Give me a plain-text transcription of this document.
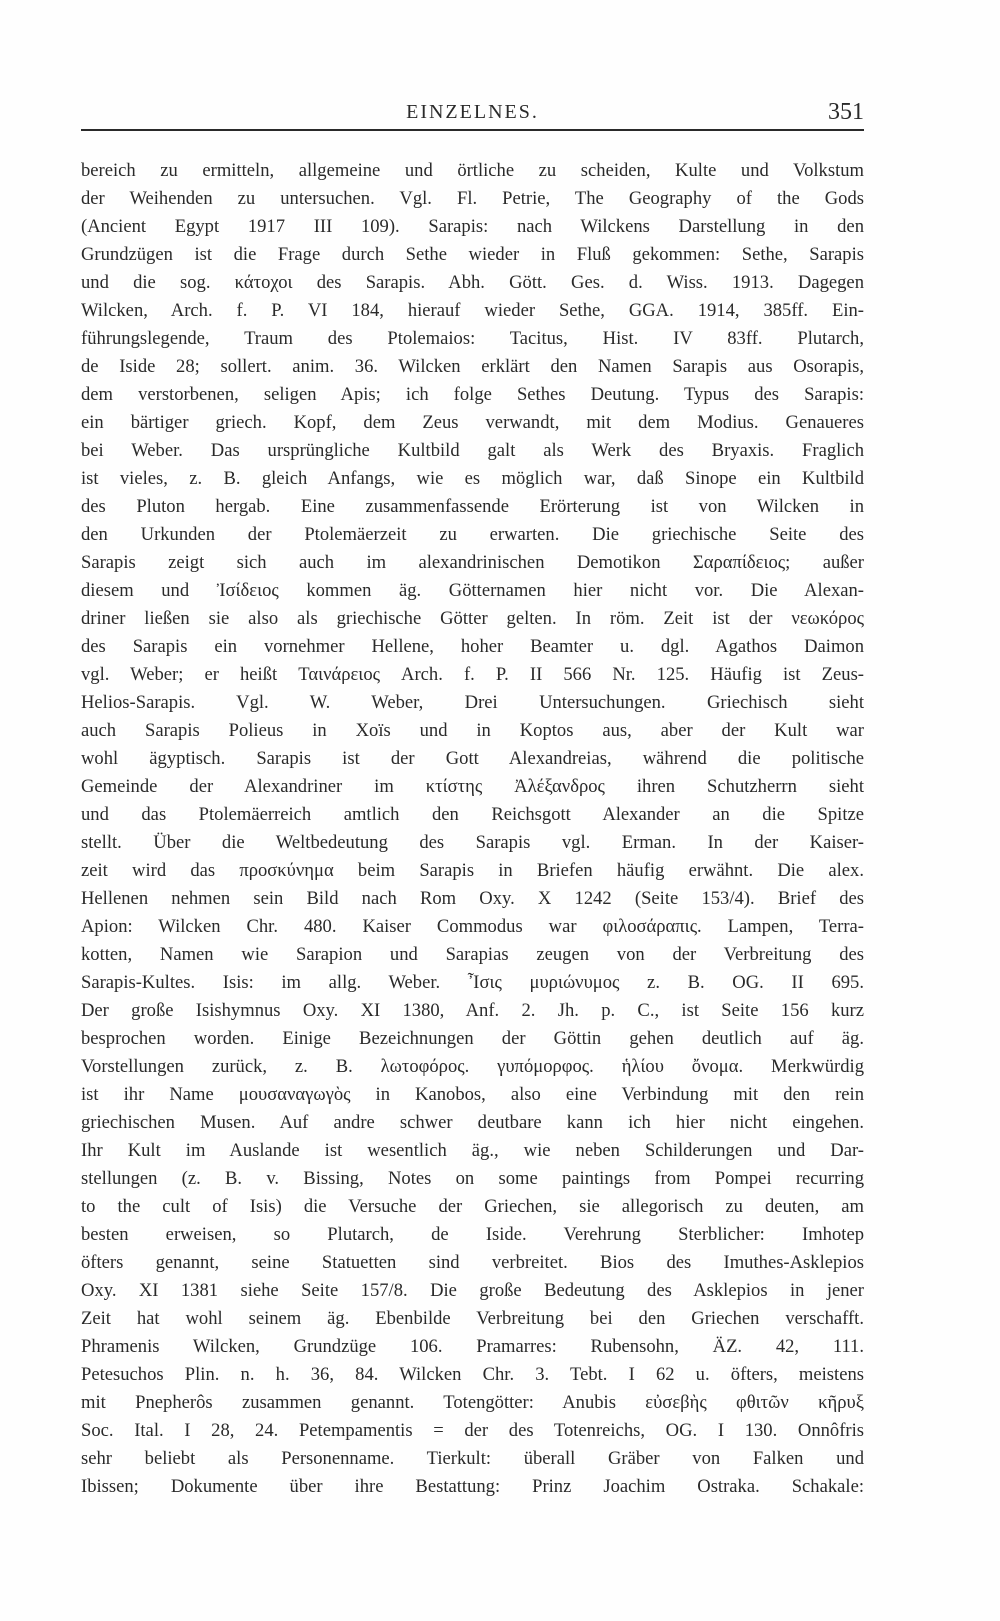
EINZELNES.	351
bereich zu ermitteln, allgemeine und örtliche zu scheiden, Kulte und Volkstum
der Weihenden zu untersuchen. Vgl. Fl. Petrie, The Geography of the Gods
(Ancient Egypt 1917 III 109). Sarapis: nach Wilckens Darstellung in den
Grundzügen ist die Frage durch Sethe wieder in Fluß gekommen: Sethe, Sarapis
und die sog. κάτοχοι des Sarapis. Abh. Gött. Ges. d. Wiss. 1913. Dagegen
Wilcken, Arch. f. P. VI 184, hierauf wieder Sethe, GGA. 1914, 385ff. Ein-
führungslegende, Traum des Ptolemaios: Tacitus, Hist. IV 83ff. Plutarch,
de Iside 28; sollert. anim. 36. Wilcken erklärt den Namen Sarapis aus Osorapis,
dem verstorbenen, seligen Apis; ich folge Sethes Deutung. Typus des Sarapis:
ein bärtiger griech. Kopf, dem Zeus verwandt, mit dem Modius. Genaueres
bei Weber. Das ursprüngliche Kultbild galt als Werk des Bryaxis. Fraglich
ist vieles, z. B. gleich Anfangs, wie es möglich war, daß Sinope ein Kultbild
des Pluton hergab. Eine zusammenfassende Erörterung ist von Wilcken in
den Urkunden der Ptolemäerzeit zu erwarten. Die griechische Seite des
Sarapis zeigt sich auch im alexandrinischen Demotikon Σαραπίδειος; außer
diesem und Ἰσίδειος kommen äg. Götternamen hier nicht vor. Die Alexan-
driner ließen sie also als griechische Götter gelten. In röm. Zeit ist der νεωκόρος
des Sarapis ein vornehmer Hellene, hoher Beamter u. dgl. Agathos Daimon
vgl. Weber; er heißt Ταινάρειος Arch. f. P. II 566 Nr. 125. Häufig ist Zeus-
Helios-Sarapis. Vgl. W. Weber, Drei Untersuchungen. Griechisch sieht
auch Sarapis Polieus in Xoïs und in Koptos aus, aber der Kult war
wohl ägyptisch. Sarapis ist der Gott Alexandreias, während die politische
Gemeinde der Alexandriner im κτίστης Ἀλέξανδρος ihren Schutzherrn sieht
und das Ptolemäerreich amtlich den Reichsgott Alexander an die Spitze
stellt. Über die Weltbedeutung des Sarapis vgl. Erman. In der Kaiser-
zeit wird das προσκύνημα beim Sarapis in Briefen häufig erwähnt. Die alex.
Hellenen nehmen sein Bild nach Rom Oxy. X 1242 (Seite 153/4). Brief des
Apion: Wilcken Chr. 480. Kaiser Commodus war φιλοσάραπις. Lampen, Terra-
kotten, Namen wie Sarapion und Sarapias zeugen von der Verbreitung des
Sarapis-Kultes. Isis: im allg. Weber. Ἶσις μυριώνυμος z. B. OG. II 695.
Der große Isishymnus Oxy. XI 1380, Anf. 2. Jh. p. C., ist Seite 156 kurz
besprochen worden. Einige Bezeichnungen der Göttin gehen deutlich auf äg.
Vorstellungen zurück, z. B. λωτοφόρος. γυπόμορφος. ἡλίου ὄνομα. Merkwürdig
ist ihr Name μουσαναγωγὸς in Kanobos, also eine Verbindung mit den rein
griechischen Musen. Auf andre schwer deutbare kann ich hier nicht eingehen.
Ihr Kult im Auslande ist wesentlich äg., wie neben Schilderungen und Dar-
stellungen (z. B. v. Bissing, Notes on some paintings from Pompei recurring
to the cult of Isis) die Versuche der Griechen, sie allegorisch zu deuten, am
besten erweisen, so Plutarch, de Iside. Verehrung Sterblicher: Imhotep
öfters genannt, seine Statuetten sind verbreitet. Bios des Imuthes-Asklepios
Oxy. XI 1381 siehe Seite 157/8. Die große Bedeutung des Asklepios in jener
Zeit hat wohl seinem äg. Ebenbilde Verbreitung bei den Griechen verschafft.
Phramenis Wilcken, Grundzüge 106. Pramarres: Rubensohn, ÄZ. 42, 111.
Petesuchos Plin. n. h. 36, 84. Wilcken Chr. 3. Tebt. I 62 u. öfters, meistens
mit Pnepherôs zusammen genannt. Totengötter: Anubis εὐσεβὴς φθιτῶν κῆρυξ
Soc. Ital. I 28, 24. Petempamentis = der des Totenreichs, OG. I 130. Onnôfris
sehr beliebt als Personenname. Tierkult: überall Gräber von Falken und
Ibissen; Dokumente über ihre Bestattung: Prinz Joachim Ostraka. Schakale:
